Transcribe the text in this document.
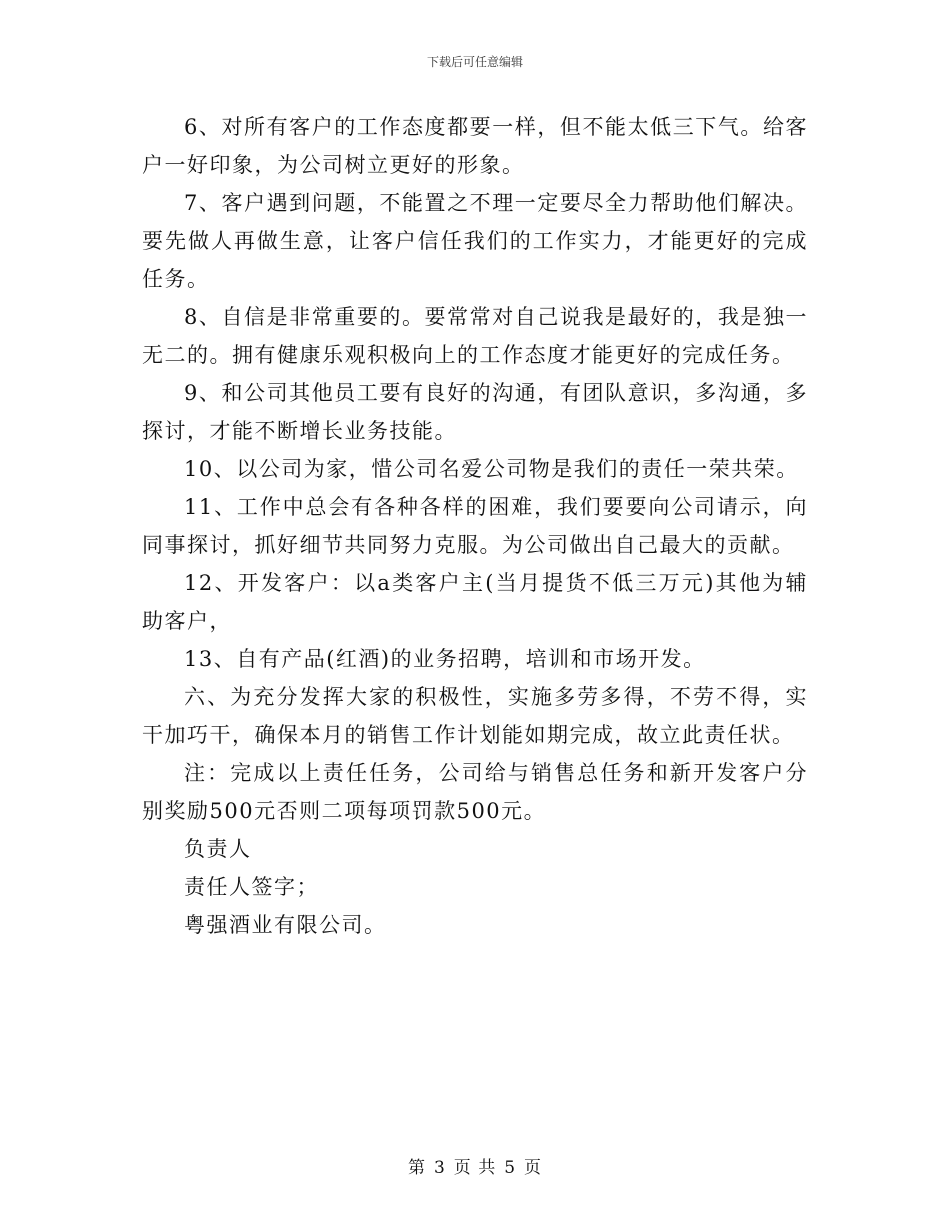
下载后可任意编辑

6、对所有客户的工作态度都要一样，但不能太低三下气。给客户一好印象，为公司树立更好的形象。

7、客户遇到问题，不能置之不理一定要尽全力帮助他们解决。要先做人再做生意，让客户信任我们的工作实力，才能更好的完成任务。

8、自信是非常重要的。要常常对自己说我是最好的，我是独一无二的。拥有健康乐观积极向上的工作态度才能更好的完成任务。

9、和公司其他员工要有良好的沟通，有团队意识，多沟通，多探讨，才能不断增长业务技能。

10、以公司为家，惜公司名爱公司物是我们的责任一荣共荣。

11、工作中总会有各种各样的困难，我们要要向公司请示，向同事探讨，抓好细节共同努力克服。为公司做出自己最大的贡献。

12、开发客户：以a类客户主(当月提货不低三万元)其他为辅助客户，

13、自有产品(红酒)的业务招聘，培训和市场开发。

六、为充分发挥大家的积极性，实施多劳多得，不劳不得，实干加巧干，确保本月的销售工作计划能如期完成，故立此责任状。

注：完成以上责任任务，公司给与销售总任务和新开发客户分别奖励500元否则二项每项罚款500元。

负责人

责任人签字；

粤强酒业有限公司。

第 3 页 共 5 页
